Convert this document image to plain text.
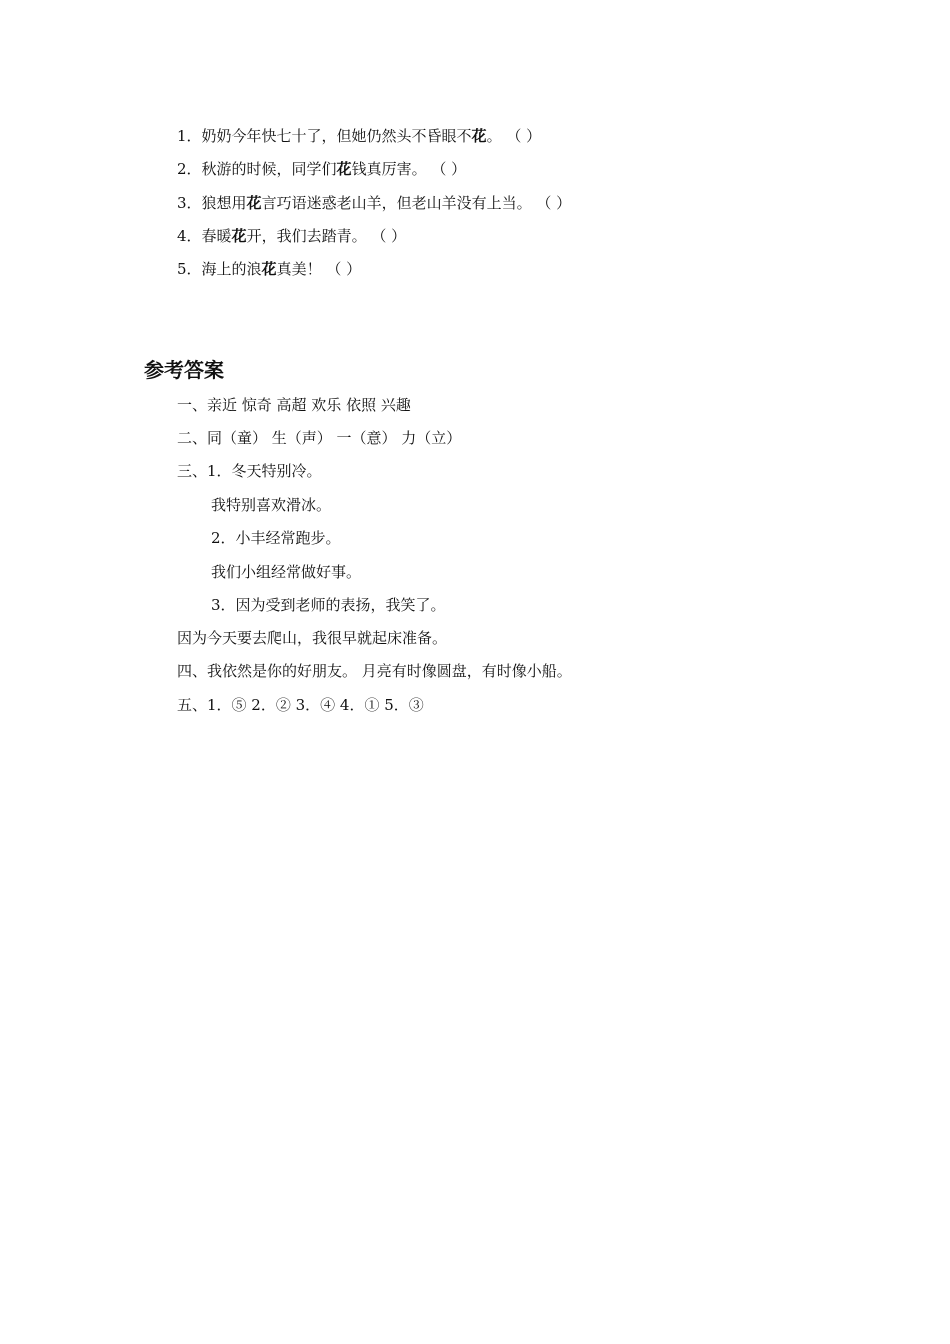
1．奶奶今年快七十了，但她仍然头不昏眼不花。 （ ）
2．秋游的时候，同学们花钱真厉害。 （ ）
3．狼想用花言巧语迷惑老山羊，但老山羊没有上当。 （ ）
4．春暖花开，我们去踏青。 （ ）
5．海上的浪花真美！ （ ）
参考答案
一、亲近 惊奇 高超 欢乐 依照 兴趣
二、同（童） 生（声） 一（意） 力（立）
三、1．冬天特别冷。
我特别喜欢滑冰。
2．小丰经常跑步。
我们小组经常做好事。
3．因为受到老师的表扬，我笑了。
因为今天要去爬山，我很早就起床准备。
四、我依然是你的好朋友。 月亮有时像圆盘，有时像小船。
五、1．⑤ 2．② 3．④ 4．① 5．③
